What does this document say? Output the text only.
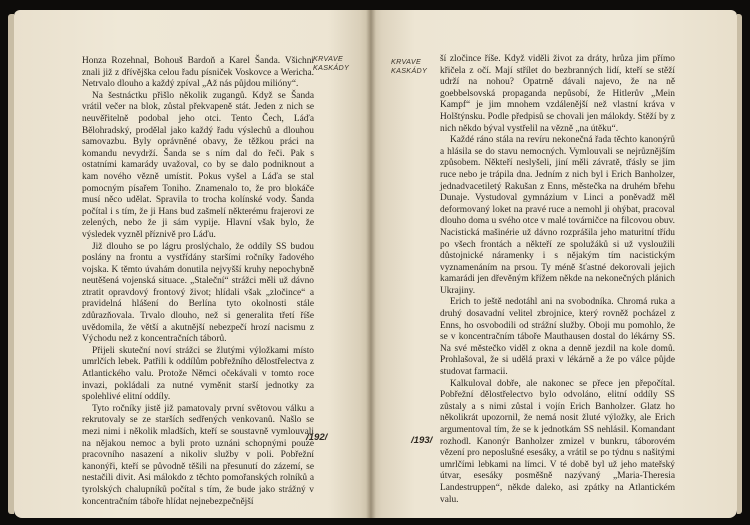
Honza Rozehnal, Bohouš Bardoň a Karel Šanda. Všichni znali již z dřívějška celou řadu písniček Voskovce a Wericha. Netrvalo dlouho a každý zpíval „Až nás půjdou milióny“.

Na šestnáctku přišlo několik zugangů. Když se Šanda vrátil večer na blok, zůstal překvapeně stát. Jeden z nich se neuvěřitelně podobal jeho otci. Tento Čech, Láďa Bělohradský, prodělal jako každý řadu výslechů a dlouhou samovazbu. Byly oprávněné obavy, že těžkou práci na komandu nevydrží. Šanda se s ním dal do řeči. Pak s ostatními kamarády uvažoval, co by se dalo podniknout a kam nového vězně umístit. Pokus vyšel a Láďa se stal pomocným písařem Toniho. Znamenalo to, že pro blokáče musí něco udělat. Spravila to trocha kolínské vody. Šanda počítal i s tím, že ji Hans bud zašmelí některému frajerovi ze zelených, nebo že ji sám vypije. Hlavní však bylo, že výsledek vyzněl příznivě pro Láďu.

Již dlouho se po lágru proslýchalo, že oddíly SS budou poslány na frontu a vystřídány staršími ročníky řadového vojska. K těmto úvahám donutila nejvyšší kruhy nepochybně neutěšená vojenská situace. „Staleční“ strážci měli už dávno ztratit opravdový frontový život; hlídali však „zločince“ a pravidelná hlášení do Berlína tyto okolnosti stále zdůrazňovala. Trvalo dlouho, než si generalita třetí říše uvědomila, že větší a akutnější nebezpečí hrozí nacismu z Východu než z koncentračních táborů.

Přijeli skuteční noví strážci se žlutými výložkami místo umrlčích lebek. Patřili k oddílům pobřežního dělostřelectva z Atlantického valu. Protože Němci očekávali v tomto roce invazi, pokládali za nutné vyměnit starší jednotky za spolehlivé elitní oddíly.

Tyto ročníky jistě již pamatovaly první světovou válku a rekrutovaly se ze starších sedřených venkovanů. Našlo se mezi nimi i několik mladších, kteří se soustavně vymlouvali na nějakou nemoc a byli proto uznáni schopnými pouze pracovního nasazení a nikoliv služby v poli. Pobřežní kanonýři, kteří se původně těšili na přesunutí do zázemí, se nestačili divit. Asi málokdo z těchto pomořanských rolníků a tyrolských chalupníků počítal s tím, že bude jako strážný v koncentračním táboře hlídat nejnebezpečnější

KRVAVE
KASKÁDY
/192/
KRVAVE
KASKÁDY

ší zločince říše. Když viděli život za dráty, hrůza jim přímo křičela z očí. Mají střílet do bezbranných lidí, kteří se stěží udrží na nohou? Opatrně dávali najevo, že na ně goebbelsovská propaganda nepůsobí, že Hitlerův „Mein Kampf“ je jim mnohem vzdálenější než vlastní kráva v Holštýnsku. Podle předpisů se chovali jen málokdy. Stěží by z nich někdo býval vystřelil na vězně „na útěku“.

Každé ráno stála na revíru nekonečná řada těchto kanonýrů a hlásila se do stavu nemocných. Vymlouvali se nejrůznějším způsobem. Někteří neslyšeli, jiní měli závratě, třásly se jim ruce nebo je trápila dna. Jedním z nich byl i Erich Banholzer, jednadvacetiletý Rakušan z Enns, městečka na druhém břehu Dunaje. Vystudoval gymnázium v Linci a poněvadž měl deformovaný loket na pravé ruce a nemohl ji ohýbat, pracoval dlouho doma u svého otce v malé továrničce na filcovou obuv. Nacistická mašinérie už dávno rozprášila jeho maturitní třídu po všech frontách a někteří ze spolužáků si už vysloužili důstojnické náramenky i s nějakým tím nacistickým vyznamenáním na prsou. Ty méně šťastné dekorovali jejich kamarádi jen dřevěným křížem někde na nekonečných plánich Ukrajiny.

Erich to ještě nedotáhl ani na svobodníka. Chromá ruka a druhý dosavadní velitel zbrojnice, který rovněž pocházel z Enns, ho osvobodili od strážní služby. Oboji mu pomohlo, že se v koncentračním táboře Mauthausen dostal do lékárny SS. Na své městečko viděl z okna a denně jezdil na kole domů. Prohlašoval, že si udělá praxi v lékárně a že po válce půjde studovat farmacii.

Kalkuloval dobře, ale nakonec se přece jen přepočítal. Pobřežní dělostřelectvo bylo odvoláno, elitní oddíly SS zůstaly a s nimi zůstal i vojín Erich Banholzer. Glatz ho několikrát upozornil, že nemá nosit žluté výložky, ale Erich argumentoval tím, že se k jednotkám SS nehlásil. Komandant rozhodl. Kanonýr Banholzer zmizel v bunkru, táborovém vězení pro neposlušné esesáky, a vrátil se po týdnu s našitými umrlčími lebkami na límci. V té době byl už jeho mateřský útvar, esesáky posměšně nazývaný „Maria-Theresia Landestruppen“, někde daleko, asi zpátky na Atlantickém valu.

/193/
